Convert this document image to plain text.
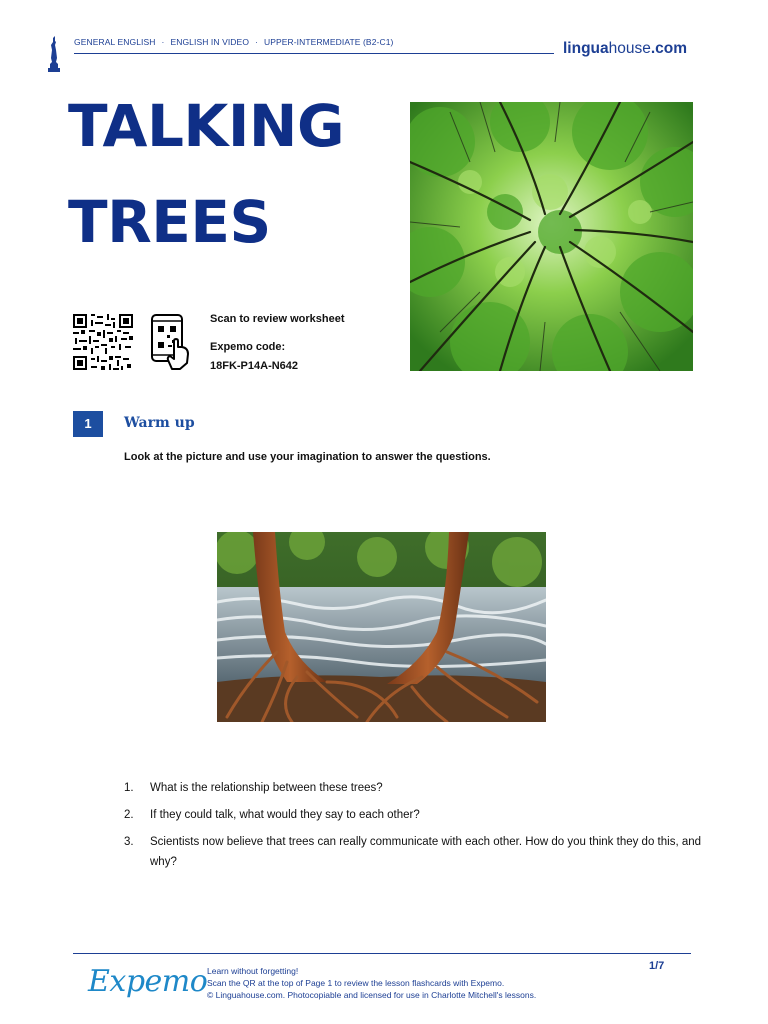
GENERAL ENGLISH · ENGLISH IN VIDEO · UPPER-INTERMEDIATE (B2-C1)	linguahouse.com
TALKING
TREES
Scan to review worksheet
Expemo code:
18FK-P14A-N642
1	Warm up
Look at the picture and use your imagination to answer the questions.
1. What is the relationship between these trees?
2. If they could talk, what would they say to each other?
3. Scientists now believe that trees can really communicate with each other. How do you think they do this, and why?
Expemo Learn without forgetting!
Scan the QR at the top of Page 1 to review the lesson flashcards with Expemo.
© Linguahouse.com. Photocopiable and licensed for use in Charlotte Mitchell's lessons.
1/7
